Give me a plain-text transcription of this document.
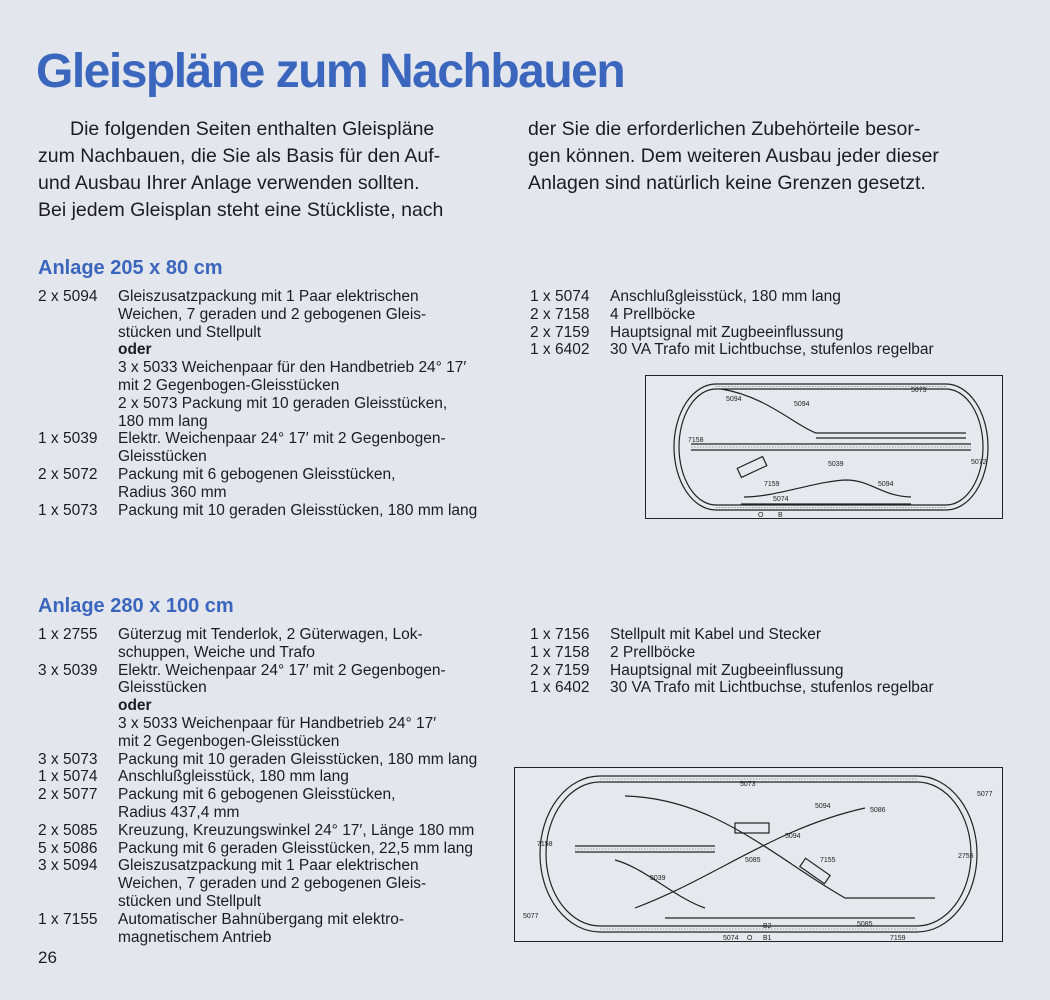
Gleispläne zum Nachbauen

Die folgenden Seiten enthalten Gleispläne
zum Nachbauen, die Sie als Basis für den Auf-
und Ausbau Ihrer Anlage verwenden sollten.
Bei jedem Gleisplan steht eine Stückliste, nach

der Sie die erforderlichen Zubehörteile besor-
gen können. Dem weiteren Ausbau jeder dieser
Anlagen sind natürlich keine Grenzen gesetzt.

Anlage 205 x 80 cm
2 x 5094	Gleiszusatzpackung mit 1 Paar elektrischen
Weichen, 7 geraden und 2 gebogenen Gleis-
stücken und Stellpult
oder
3 x 5033 Weichenpaar für den Handbetrieb 24° 17′
mit 2 Gegenbogen-Gleisstücken
2 x 5073 Packung mit 10 geraden Gleisstücken,
180 mm lang
1 x 5039	Elektr. Weichenpaar 24° 17′ mit 2 Gegenbogen-
Gleisstücken
2 x 5072	Packung mit 6 gebogenen Gleisstücken,
Radius 360 mm
1 x 5073	Packung mit 10 geraden Gleisstücken, 180 mm lang
1 x 5074	Anschlußgleisstück, 180 mm lang
2 x 7158	4 Prellböcke
2 x 7159	Hauptsignal mit Zugbeeinflussung
1 x 6402	30 VA Trafo mit Lichtbuchse, stufenlos regelbar
5094
5073
5094
7158
5039	5072
7159	5094
5074
O B
Anlage 280 x 100 cm
1 x 2755	Güterzug mit Tenderlok, 2 Güterwagen, Lok-
schuppen, Weiche und Trafo
3 x 5039	Elektr. Weichenpaar 24° 17′ mit 2 Gegenbogen-
Gleisstücken
oder
3 x 5033 Weichenpaar für Handbetrieb 24° 17′
mit 2 Gegenbogen-Gleisstücken
3 x 5073	Packung mit 10 geraden Gleisstücken, 180 mm lang
1 x 5074	Anschlußgleisstück, 180 mm lang
2 x 5077	Packung mit 6 gebogenen Gleisstücken,
Radius 437,4 mm
2 x 5085	Kreuzung, Kreuzungswinkel 24° 17′, Länge 180 mm
5 x 5086	Packung mit 6 geraden Gleisstücken, 22,5 mm lang
3 x 5094	Gleiszusatzpackung mit 1 Paar elektrischen
Weichen, 7 geraden und 2 gebogenen Gleis-
stücken und Stellpult
1 x 7155	Automatischer Bahnübergang mit elektro-
magnetischem Antrieb
1 x 7156	Stellpult mit Kabel und Stecker
1 x 7158	2 Prellböcke
2 x 7159	Hauptsignal mit Zugbeeinflussung
1 x 6402	30 VA Trafo mit Lichtbuchse, stufenlos regelbar
5073
5077
5094
5086
5094
7158
5085	7155
2755
5039
5077
5085
5074 O
B2
B1	7159

26
